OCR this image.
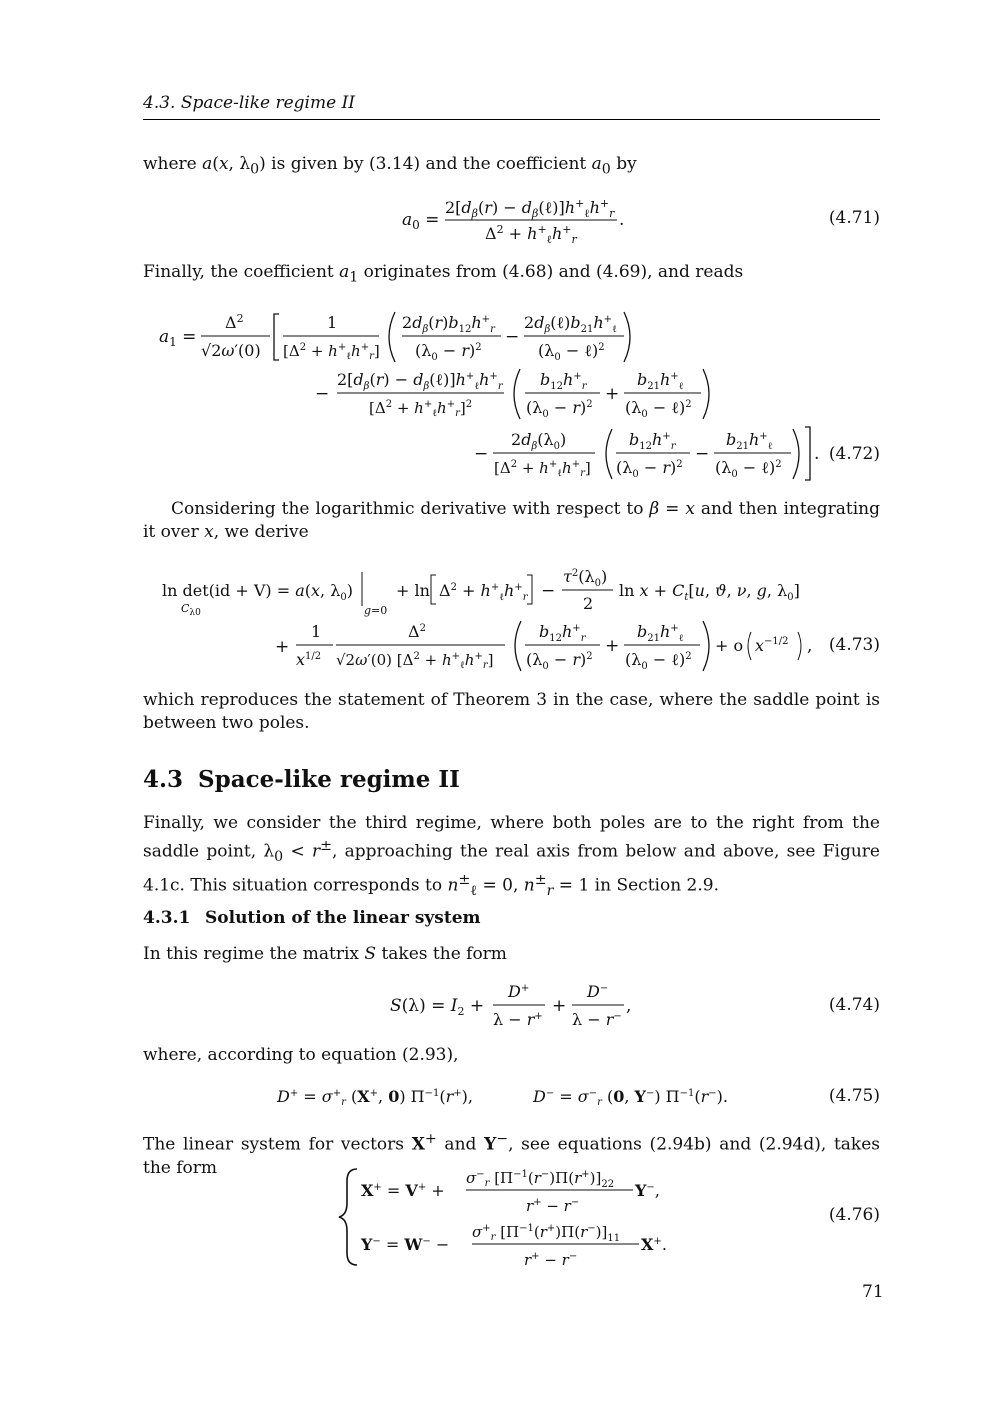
4.3. Space-like regime II
where a(x, $\lambda_0$) is given by (3.14) and the coefficient $a_0$ by
$a_0$ =
$2[d_\beta(r)$ − $d_\beta(\ell)]h^+_\ell h^+_r$
$\Delta^2 + h^+_\ell h^+_r$
.	(4.71)
Finally, the coefficient $a_1$ originates from (4.68) and (4.69), and reads
$a_1$ =
$\Delta^2$
√2ω′(0)
1
$[\Delta^2 + h^+_\ell h^+_r]$
$2d_\beta(r)b_{12}h^+_r$
$(\lambda_0 - r)^2$
−
$2d_\beta(\ell)b_{21}h^+_\ell$
($\lambda_0$ − ℓ)$^2$
−
$2[d_\beta(r)$ − $d_\beta(\ell)]h^+_\ell h^+_r$
$[\Delta^2 + h^+_\ell h^+_r]^2$
$b_{12}h^+_r$
$(\lambda_0 - r)^2$
+
$b_{21}h^+_\ell$
($\lambda_0$ − ℓ)$^2$
−
$2d_\beta(\lambda_0)$
$[\Delta^2 + h^+_\ell h^+_r]$
$b_{12}h^+_r$
$(\lambda_0 - r)^2$
−
$b_{21}h^+_\ell$
($\lambda_0$ − ℓ)$^2$
. (4.72)
Considering the logarithmic derivative with respect to β = x and then integrating it over x, we derive
ln det(id + V) = a(x, $\lambda_0$)
$C_{\lambda 0}$	g=0
+ $\ln \Delta^2 + h^+_\ell h^+_r$ −
$\tau^2(\lambda_0)$
2
$\ln x + C_t[u$, ϑ, ν, g, $\lambda_0$]
+
1
$x^{1/2}$
$\Delta^2$
√2ω′(0) $[\Delta^2 + h^+_\ell h^+_r]$
$b_{12}h^+_r$
$(\lambda_0 - r)^2$
+
$b_{21}h^+_\ell$
($\lambda_0$ − ℓ)$^2$
+ o $x^{-1/2}$ , (4.73)
which reproduces the statement of Theorem 3 in the case, where the saddle point is between two poles.
4.3 Space-like regime II
Finally, we consider the third regime, where both poles are to the right from the saddle point, $\lambda_0 < r^\pm$, approaching the real axis from below and above, see Figure 4.1c. This situation corresponds to $n^\pm_\ell = 0$, $n^\pm_r = 1$ in Section 2.9.
4.3.1 Solution of the linear system
In this regime the matrix S takes the form
$S(\lambda) = I_2$ +
D+
λ − r+
+
D−
λ − r−
,	(4.74)
where, according to equation (2.93),
$D^+ = \sigma^+_r$ (X+, 0) $\Pi^{-1}(r^+)$,	$D^- = \sigma^-_r$ (0, Y−) $\Pi^{-1}(r^-)$.	(4.75)
The linear system for vectors X+ and Y−, see equations (2.94b) and (2.94d), takes the form
X+ = V+ +
$\sigma^-_r$ $[\Pi^{-1}(r^-)\Pi(r^+)]_{22}$
r+ − r−
Y−,
Y− = W− −
$\sigma^+_r$ $[\Pi^{-1}(r^+)\Pi(r^-)]_{11}$
r+ − r−
X+.
(4.76)
71
